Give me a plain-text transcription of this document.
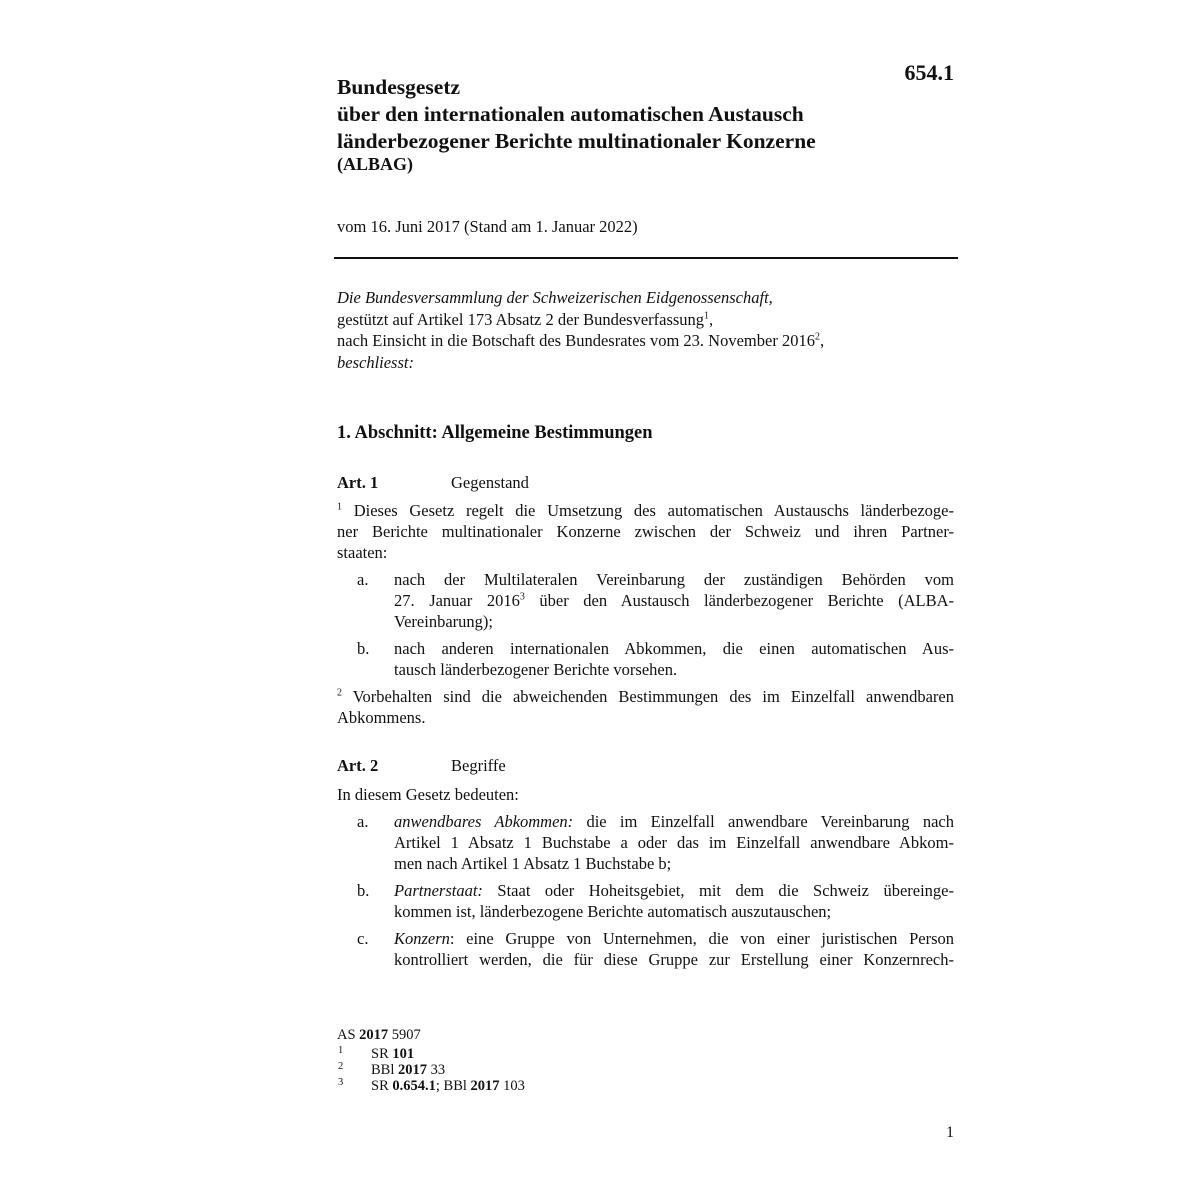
654.1
Bundesgesetz
über den internationalen automatischen Austausch
länderbezogener Berichte multinationaler Konzerne
(ALBAG)
vom 16. Juni 2017 (Stand am 1. Januar 2022)
Die Bundesversammlung der Schweizerischen Eidgenossenschaft,
gestützt auf Artikel 173 Absatz 2 der Bundesverfassung$^1$,
nach Einsicht in die Botschaft des Bundesrates vom 23. November 2016$^2$,
beschliesst:
1. Abschnitt: Allgemeine Bestimmungen
Art. 1	Gegenstand
$^1$ Dieses Gesetz regelt die Umsetzung des automatischen Austauschs länderbezoge-
ner Berichte multinationaler Konzerne zwischen der Schweiz und ihren Partner-
staaten:
a.	nach der Multilateralen Vereinbarung der zuständigen Behörden vom
27. Januar 2016$^3$ über den Austausch länderbezogener Berichte (ALBA-
Vereinbarung);
b.	nach anderen internationalen Abkommen, die einen automatischen Aus-
tausch länderbezogener Berichte vorsehen.
$^2$ Vorbehalten sind die abweichenden Bestimmungen des im Einzelfall anwendbaren
Abkommens.
Art. 2	Begriffe
In diesem Gesetz bedeuten:
a.	anwendbares Abkommen: die im Einzelfall anwendbare Vereinbarung nach
Artikel 1 Absatz 1 Buchstabe a oder das im Einzelfall anwendbare Abkom-
men nach Artikel 1 Absatz 1 Buchstabe b;
b.	Partnerstaat: Staat oder Hoheitsgebiet, mit dem die Schweiz übereinge-
kommen ist, länderbezogene Berichte automatisch auszutauschen;
c.	Konzern: eine Gruppe von Unternehmen, die von einer juristischen Person
kontrolliert werden, die für diese Gruppe zur Erstellung einer Konzernrech-
AS 2017 5907
1 SR 101
2 BBl 2017 33
3 SR 0.654.1; BBl 2017 103
1
